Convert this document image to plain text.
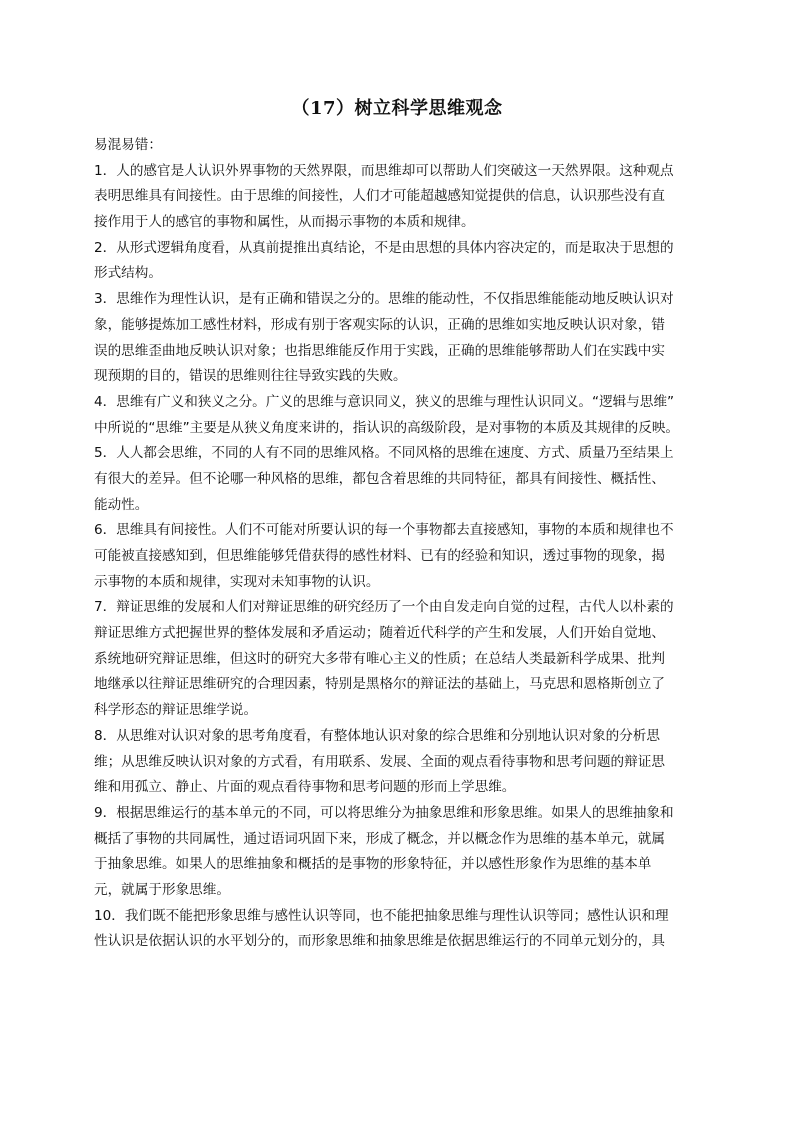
（17）树立科学思维观念
易混易错：
1．人的感官是人认识外界事物的天然界限，而思维却可以帮助人们突破这一天然界限。这种观点
表明思维具有间接性。由于思维的间接性，人们才可能超越感知觉提供的信息，认识那些没有直
接作用于人的感官的事物和属性，从而揭示事物的本质和规律。
2．从形式逻辑角度看，从真前提推出真结论，不是由思想的具体内容决定的，而是取决于思想的
形式结构。
3．思维作为理性认识，是有正确和错误之分的。思维的能动性，不仅指思维能能动地反映认识对
象，能够提炼加工感性材料，形成有别于客观实际的认识，正确的思维如实地反映认识对象，错
误的思维歪曲地反映认识对象；也指思维能反作用于实践，正确的思维能够帮助人们在实践中实
现预期的目的，错误的思维则往往导致实践的失败。
4．思维有广义和狭义之分。广义的思维与意识同义，狭义的思维与理性认识同义。“逻辑与思维”
中所说的“思维”主要是从狭义角度来讲的，指认识的高级阶段，是对事物的本质及其规律的反映。
5．人人都会思维，不同的人有不同的思维风格。不同风格的思维在速度、方式、质量乃至结果上
有很大的差异。但不论哪一种风格的思维，都包含着思维的共同特征，都具有间接性、概括性、
能动性。
6．思维具有间接性。人们不可能对所要认识的每一个事物都去直接感知，事物的本质和规律也不
可能被直接感知到，但思维能够凭借获得的感性材料、已有的经验和知识，透过事物的现象，揭
示事物的本质和规律，实现对未知事物的认识。
7．辩证思维的发展和人们对辩证思维的研究经历了一个由自发走向自觉的过程，古代人以朴素的
辩证思维方式把握世界的整体发展和矛盾运动；随着近代科学的产生和发展，人们开始自觉地、
系统地研究辩证思维，但这时的研究大多带有唯心主义的性质；在总结人类最新科学成果、批判
地继承以往辩证思维研究的合理因素，特别是黑格尔的辩证法的基础上，马克思和恩格斯创立了
科学形态的辩证思维学说。
8．从思维对认识对象的思考角度看，有整体地认识对象的综合思维和分别地认识对象的分析思
维；从思维反映认识对象的方式看，有用联系、发展、全面的观点看待事物和思考问题的辩证思
维和用孤立、静止、片面的观点看待事物和思考问题的形而上学思维。
9．根据思维运行的基本单元的不同，可以将思维分为抽象思维和形象思维。如果人的思维抽象和
概括了事物的共同属性，通过语词巩固下来，形成了概念，并以概念作为思维的基本单元，就属
于抽象思维。如果人的思维抽象和概括的是事物的形象特征，并以感性形象作为思维的基本单
元，就属于形象思维。
10．我们既不能把形象思维与感性认识等同，也不能把抽象思维与理性认识等同；感性认识和理
性认识是依据认识的水平划分的，而形象思维和抽象思维是依据思维运行的不同单元划分的，具
